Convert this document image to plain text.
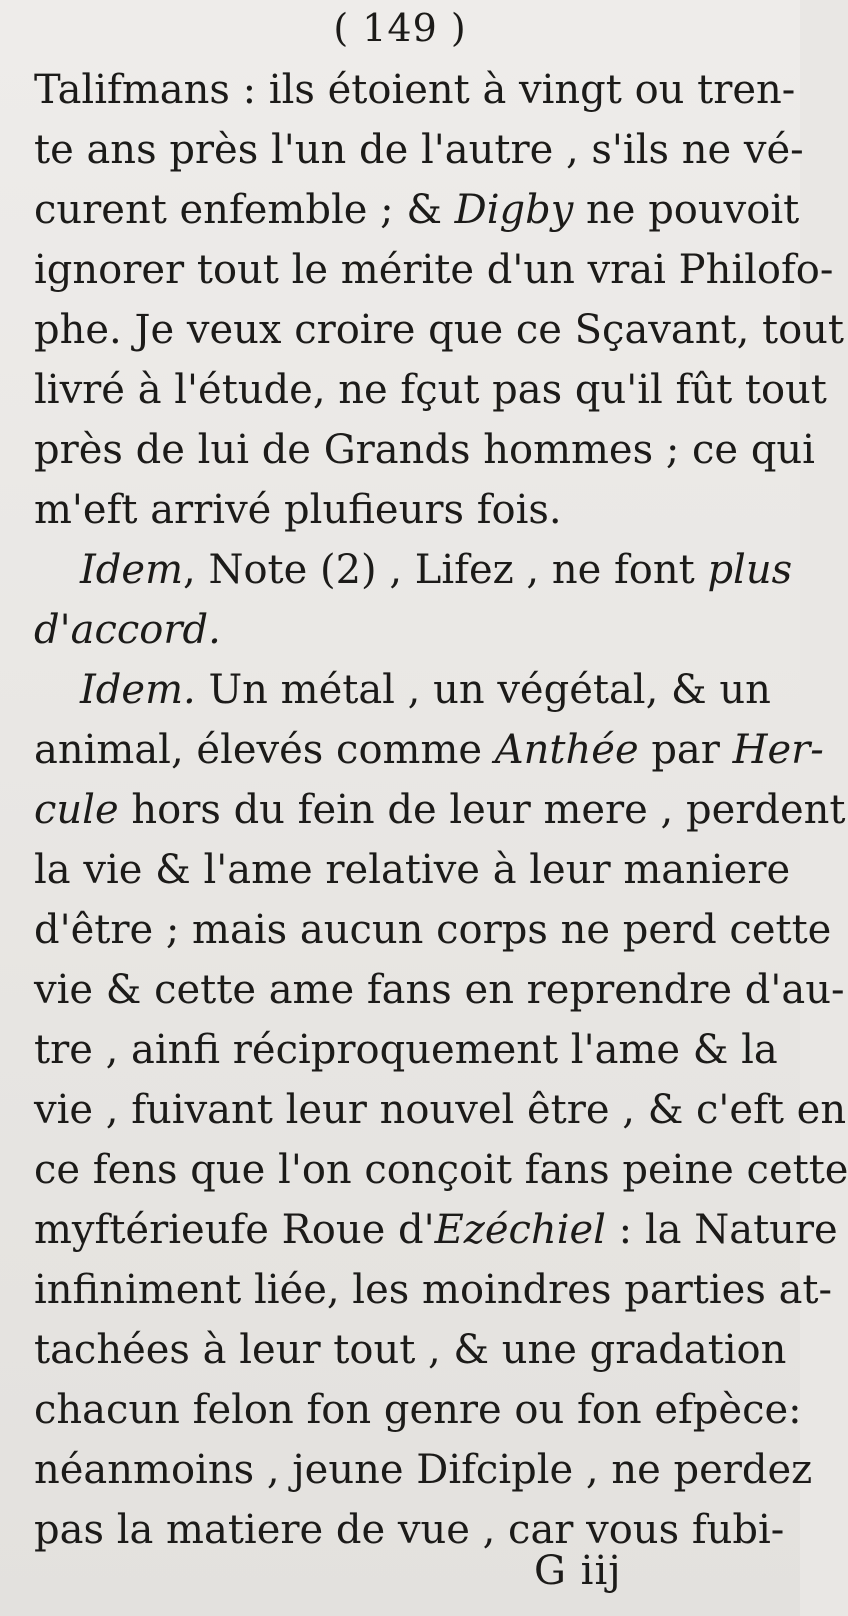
( 149 )
Talifmans : ils étoient à vingt ou tren-
te ans près l'un de l'autre , s'ils ne vé-
curent enfemble ; & Digby ne pouvoit
ignorer tout le mérite d'un vrai Philofo-
phe. Je veux croire que ce Sçavant, tout
livré à l'étude, ne fçut pas qu'il fût tout
près de lui de Grands hommes ; ce qui
m'eft arrivé plufieurs fois.
Idem, Note (2) , Lifez , ne font plus
d'accord.
Idem. Un métal , un végétal, & un
animal, élevés comme Anthée par Her-
cule hors du fein de leur mere , perdent
la vie & l'ame relative à leur maniere
d'être ; mais aucun corps ne perd cette
vie & cette ame fans en reprendre d'au-
tre , ainfi réciproquement l'ame & la
vie , fuivant leur nouvel être , & c'eft en
ce fens que l'on conçoit fans peine cette
myftérieufe Roue d'Ezéchiel : la Nature
infiniment liée, les moindres parties at-
tachées à leur tout , & une gradation
chacun felon fon genre ou fon efpèce:
néanmoins , jeune Difciple , ne perdez
pas la matiere de vue , car vous fubi-
G iij
